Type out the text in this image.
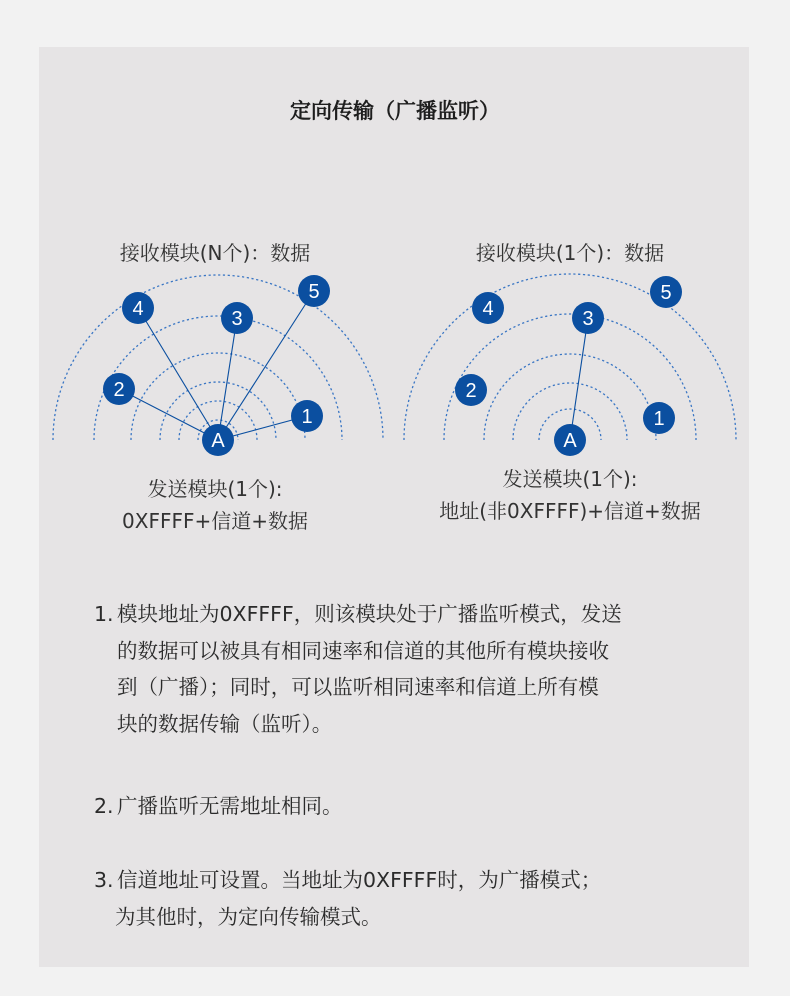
定向传输（广播监听）
接收模块(N个)：数据
1
2
3
4
5
A
发送模块(1个):
0XFFFF+信道+数据
接收模块(1个)：数据
1
2
3
4
5
A
发送模块(1个):
地址(非0XFFFF)+信道+数据
1. 模块地址为0XFFFF，则该模块处于广播监听模式，发送
的数据可以被具有相同速率和信道的其他所有模块接收
到（广播）；同时，可以监听相同速率和信道上所有模
块的数据传输（监听）。
2. 广播监听无需地址相同。
3. 信道地址可设置。当地址为0XFFFF时，为广播模式；
为其他时，为定向传输模式。
